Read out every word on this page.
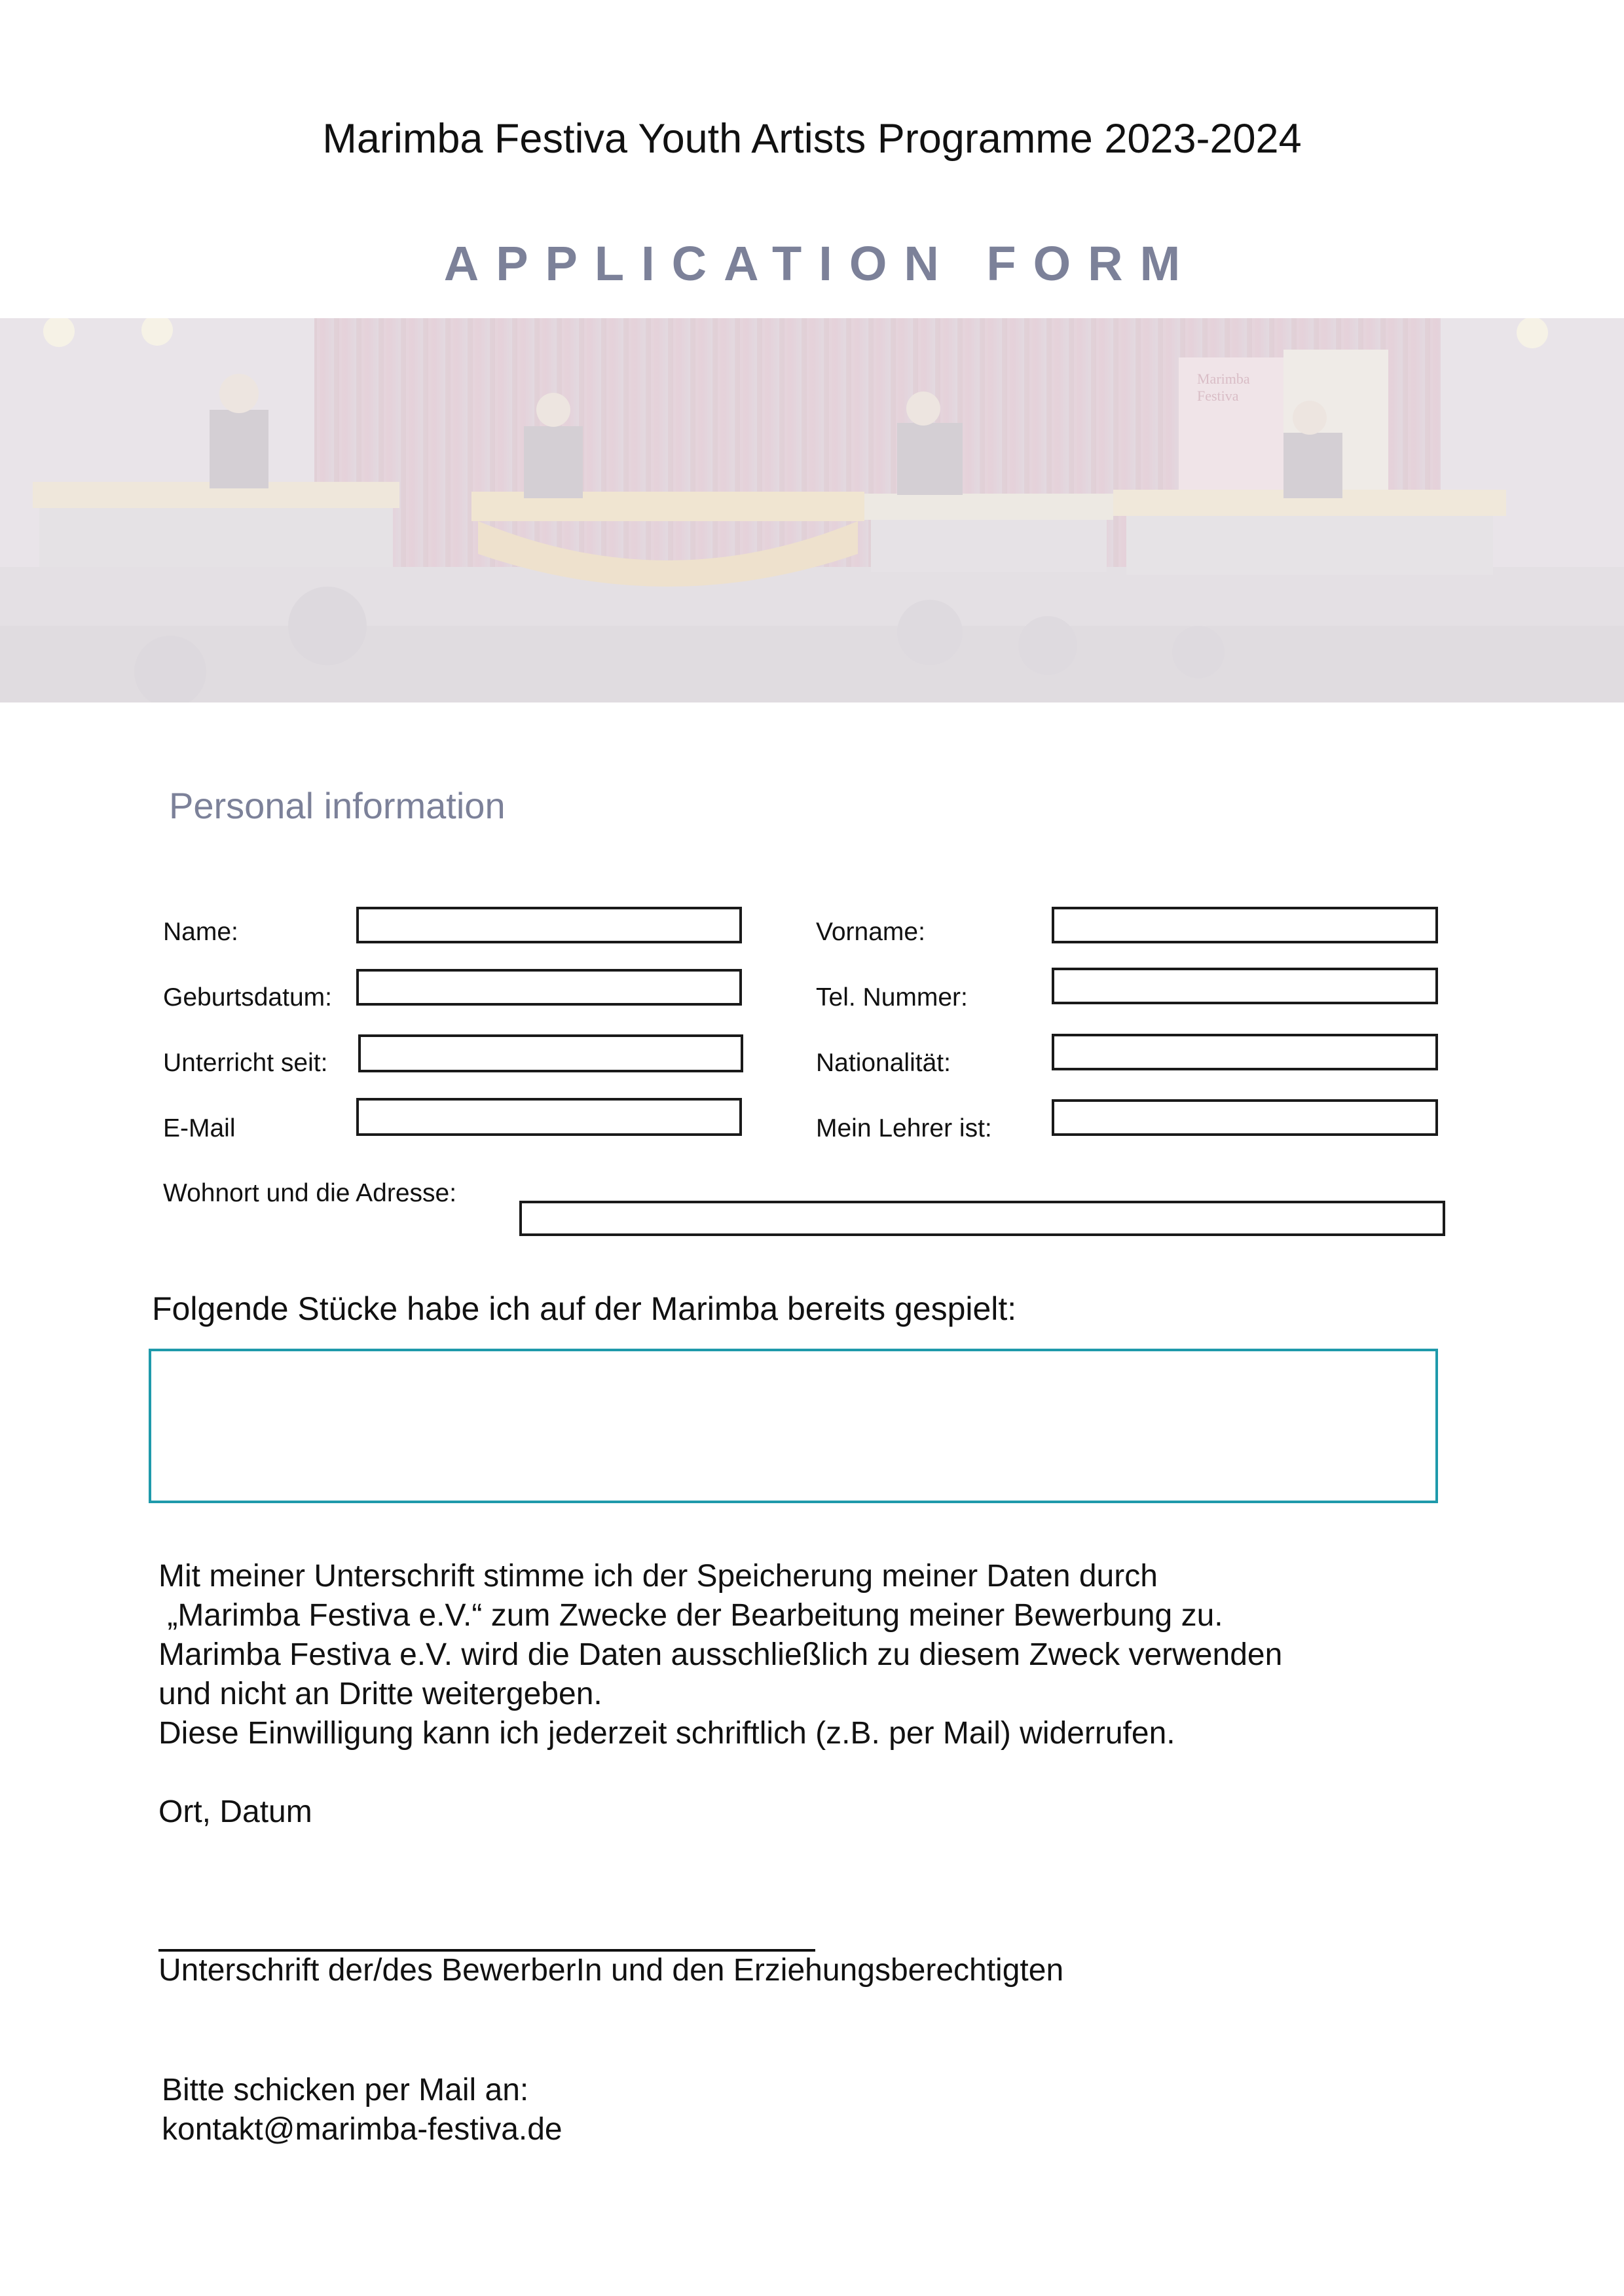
Marimba Festiva Youth Artists Programme 2023-2024
APPLICATION FORM
Marimba
Festiva
Personal information
Name:
Geburtsdatum:
Unterricht seit:
E-Mail
Vorname:
Tel. Nummer:
Nationalität:
Mein Lehrer ist:
Wohnort und die Adresse:
Folgende Stücke habe ich auf der Marimba bereits gespielt:
Mit meiner Unterschrift stimme ich der Speicherung meiner Daten durch
„Marimba Festiva e.V.“ zum Zwecke der Bearbeitung meiner Bewerbung zu.
Marimba Festiva e.V. wird die Daten ausschließlich zu diesem Zweck verwenden
und nicht an Dritte weitergeben.
Diese Einwilligung kann ich jederzeit schriftlich (z.B. per Mail) widerrufen.
Ort, Datum
Unterschrift der/des BewerberIn und den Erziehungsberechtigten
Bitte schicken per Mail an:
kontakt@marimba-festiva.de
